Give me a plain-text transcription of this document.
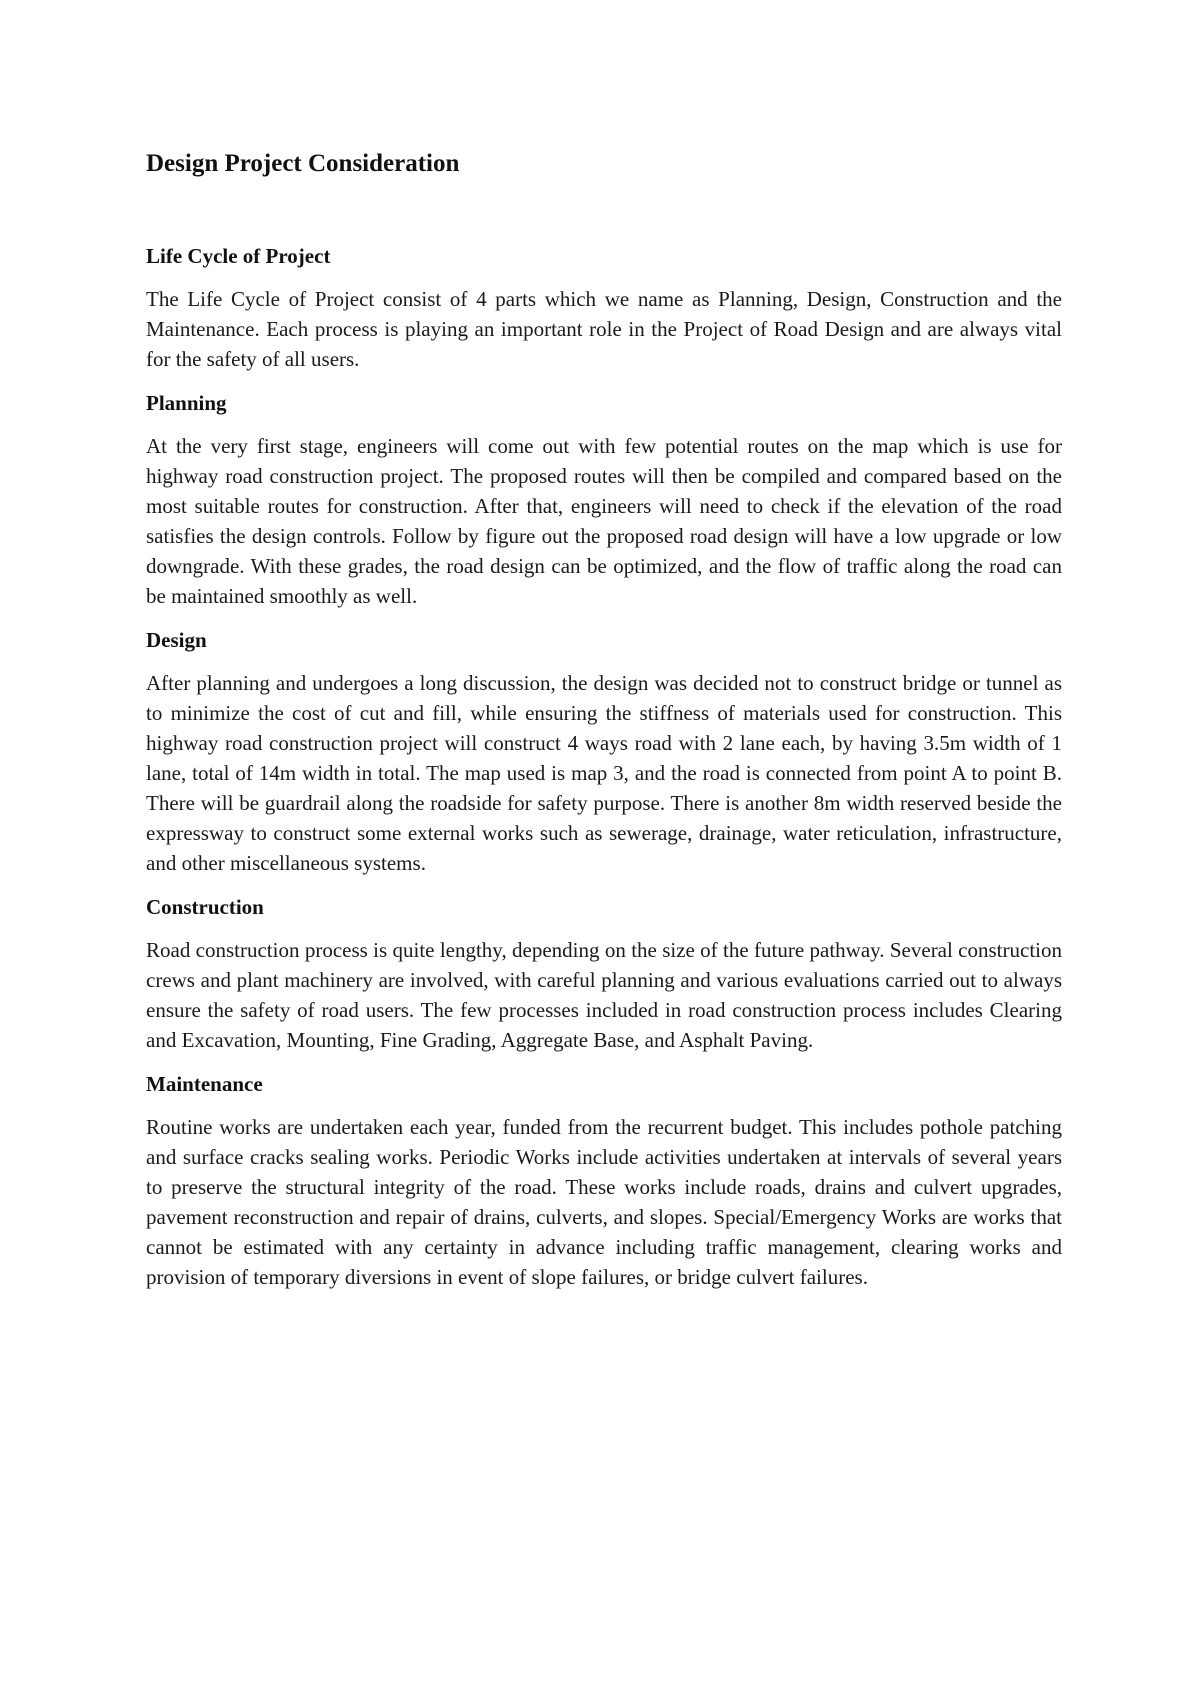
Design Project Consideration
Life Cycle of Project

The Life Cycle of Project consist of 4 parts which we name as Planning, Design, Construction and the Maintenance. Each process is playing an important role in the Project of Road Design and are always vital for the safety of all users.

Planning

At the very first stage, engineers will come out with few potential routes on the map which is use for highway road construction project. The proposed routes will then be compiled and compared based on the most suitable routes for construction. After that, engineers will need to check if the elevation of the road satisfies the design controls. Follow by figure out the proposed road design will have a low upgrade or low downgrade. With these grades, the road design can be optimized, and the flow of traffic along the road can be maintained smoothly as well.

Design

After planning and undergoes a long discussion, the design was decided not to construct bridge or tunnel as to minimize the cost of cut and fill, while ensuring the stiffness of materials used for construction. This highway road construction project will construct 4 ways road with 2 lane each, by having 3.5m width of 1 lane, total of 14m width in total. The map used is map 3, and the road is connected from point A to point B. There will be guardrail along the roadside for safety purpose. There is another 8m width reserved beside the expressway to construct some external works such as sewerage, drainage, water reticulation, infrastructure, and other miscellaneous systems.

Construction

Road construction process is quite lengthy, depending on the size of the future pathway. Several construction crews and plant machinery are involved, with careful planning and various evaluations carried out to always ensure the safety of road users. The few processes included in road construction process includes Clearing and Excavation, Mounting, Fine Grading, Aggregate Base, and Asphalt Paving.

Maintenance

Routine works are undertaken each year, funded from the recurrent budget. This includes pothole patching and surface cracks sealing works. Periodic Works include activities undertaken at intervals of several years to preserve the structural integrity of the road. These works include roads, drains and culvert upgrades, pavement reconstruction and repair of drains, culverts, and slopes. Special/Emergency Works are works that cannot be estimated with any certainty in advance including traffic management, clearing works and provision of temporary diversions in event of slope failures, or bridge culvert failures.
